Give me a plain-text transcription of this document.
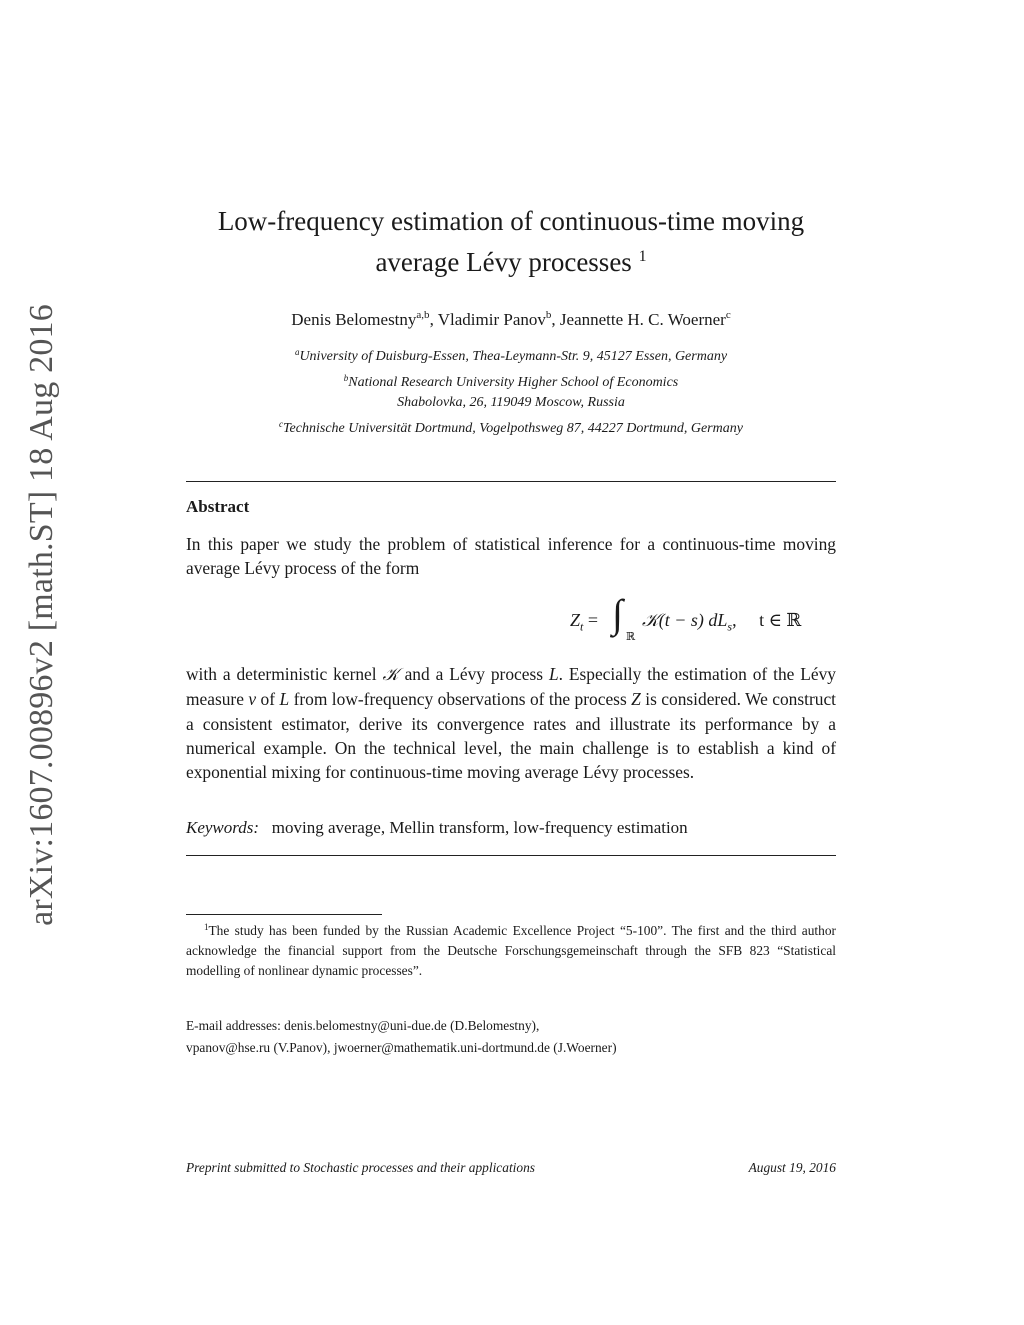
arXiv:1607.00896v2 [math.ST] 18 Aug 2016
Low-frequency estimation of continuous-time moving
average Lévy processes $^1$
Denis Belomestny$^{a,b}$, Vladimir Panov$^b$, Jeannette H. C. Woerner$^c$
$^a$University of Duisburg-Essen, Thea-Leymann-Str. 9, 45127 Essen, Germany
$^b$National Research University Higher School of Economics
Shabolovka, 26, 119049 Moscow, Russia
$^c$Technische Universität Dortmund, Vogelpothsweg 87, 44227 Dortmund, Germany
Abstract
In this paper we study the problem of statistical inference for a continuous-time moving average Lévy process of the form
$Z_t$ = ∫
ℝ
𝒦(t − s) $dL_s$,     t ∈ ℝ
with a deterministic kernel 𝒦 and a Lévy process L. Especially the estimation of the Lévy measure ν of L from low-frequency observations of the process Z is considered. We construct a consistent estimator, derive its convergence rates and illustrate its performance by a numerical example. On the technical level, the main challenge is to establish a kind of exponential mixing for continuous-time moving average Lévy processes.
Keywords: moving average, Mellin transform, low-frequency estimation
$^1$The study has been funded by the Russian Academic Excellence Project “5-100”. The first and the third author acknowledge the financial support from the Deutsche Forschungsgemeinschaft through the SFB 823 “Statistical modelling of nonlinear dynamic processes”.
E-mail addresses: denis.belomestny@uni-due.de (D.Belomestny),
vpanov@hse.ru (V.Panov), jwoerner@mathematik.uni-dortmund.de (J.Woerner)
Preprint submitted to Stochastic processes and their applications	August 19, 2016
